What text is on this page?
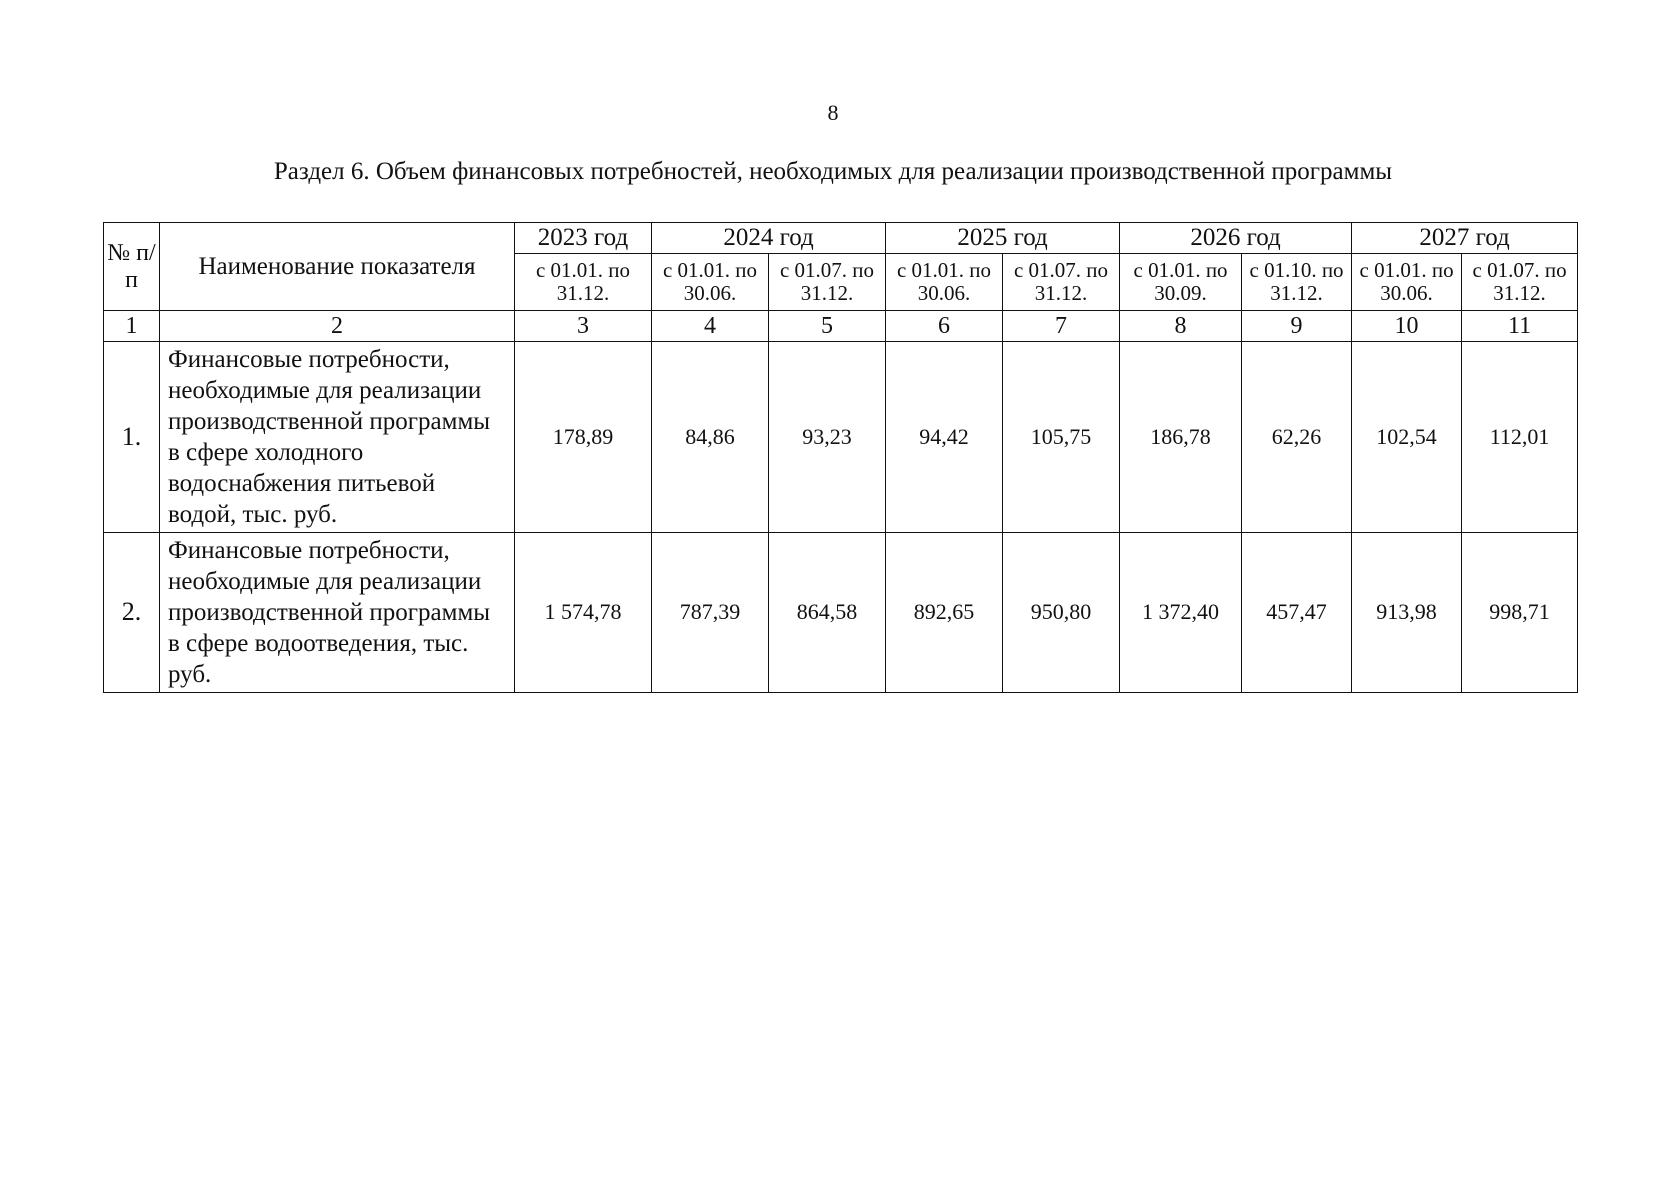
8
Раздел 6. Объем финансовых потребностей, необходимых для реализации производственной программы
№ п/п	Наименование показателя	2023 год	2024 год		2025 год		2026 год		2027 год	
		с 01.01. по 31.12.	с 01.01. по 30.06.	с 01.07. по 31.12.	с 01.01. по 30.06.	с 01.07. по 31.12.	с 01.01. по 30.09.	с 01.10. по 31.12.	с 01.01. по 30.06.	с 01.07. по 31.12.
1	2	3	4	5	6	7	8	9	10	11
1.	Финансовые потребности, необходимые для реализации производственной программы в сфере холодного водоснабжения питьевой водой, тыс. руб.	178,89	84,86	93,23	94,42	105,75	186,78	62,26	102,54	112,01
2.	Финансовые потребности, необходимые для реализации производственной программы в сфере водоотведения, тыс. руб.	1 574,78	787,39	864,58	892,65	950,80	1 372,40	457,47	913,98	998,71
